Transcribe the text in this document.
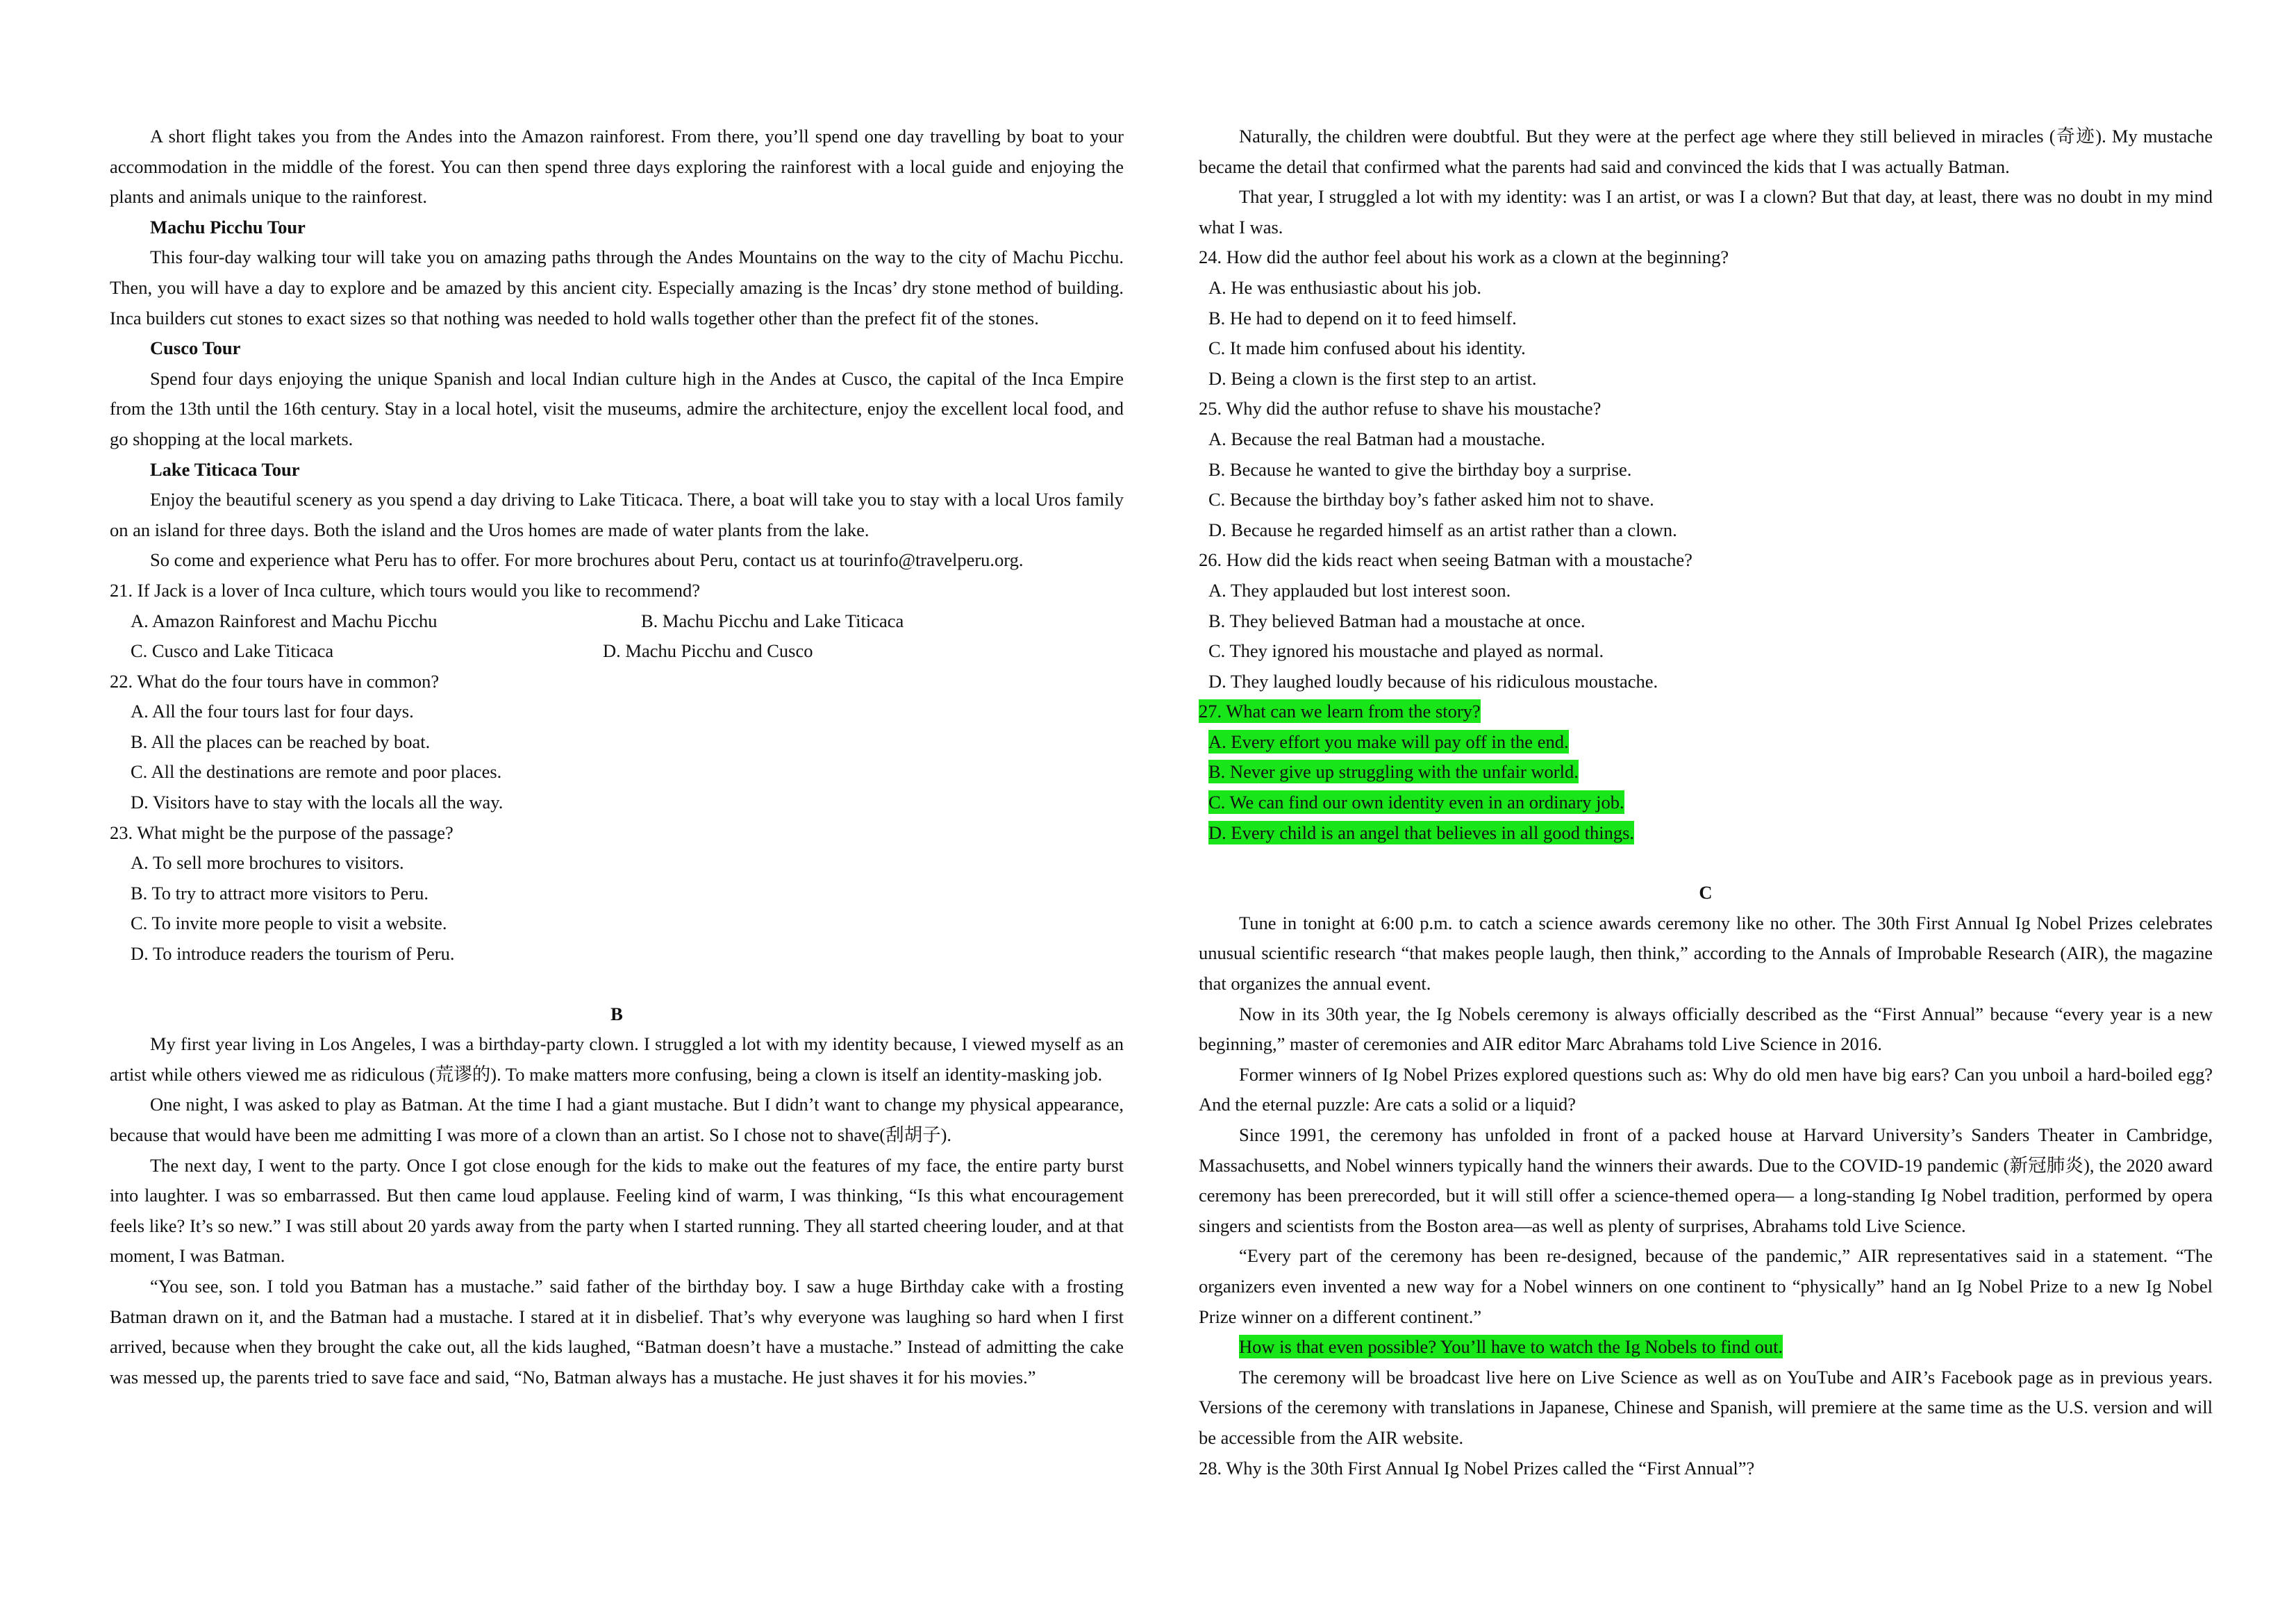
A short flight takes you from the Andes into the Amazon rainforest. From there, you’ll spend one day travelling by boat to your accommodation in the middle of the forest. You can then spend three days exploring the rainforest with a local guide and enjoying the plants and animals unique to the rainforest.

Machu Picchu Tour

This four-day walking tour will take you on amazing paths through the Andes Mountains on the way to the city of Machu Picchu. Then, you will have a day to explore and be amazed by this ancient city. Especially amazing is the Incas’ dry stone method of building. Inca builders cut stones to exact sizes so that nothing was needed to hold walls together other than the prefect fit of the stones.

Cusco Tour

Spend four days enjoying the unique Spanish and local Indian culture high in the Andes at Cusco, the capital of the Inca Empire from the 13th until the 16th century. Stay in a local hotel, visit the museums, admire the architecture, enjoy the excellent local food, and go shopping at the local markets.

Lake Titicaca Tour

Enjoy the beautiful scenery as you spend a day driving to Lake Titicaca. There, a boat will take you to stay with a local Uros family on an island for three days. Both the island and the Uros homes are made of water plants from the lake.

So come and experience what Peru has to offer. For more brochures about Peru, contact us at tourinfo@travelperu.org.

21. If Jack is a lover of Inca culture, which tours would you like to recommend?

A. Amazon Rainforest and Machu Picchu	B. Machu Picchu and Lake Titicaca

C. Cusco and Lake Titicaca	D. Machu Picchu and Cusco

22. What do the four tours have in common?

A. All the four tours last for four days.

B. All the places can be reached by boat.

C. All the destinations are remote and poor places.

D. Visitors have to stay with the locals all the way.

23. What might be the purpose of the passage?

A. To sell more brochures to visitors.

B. To try to attract more visitors to Peru.

C. To invite more people to visit a website.

D. To introduce readers the tourism of Peru.

B

My first year living in Los Angeles, I was a birthday-party clown. I struggled a lot with my identity because, I viewed myself as an artist while others viewed me as ridiculous (荒谬的). To make matters more confusing, being a clown is itself an identity-masking job.

One night, I was asked to play as Batman. At the time I had a giant mustache. But I didn’t want to change my physical appearance, because that would have been me admitting I was more of a clown than an artist. So I chose not to shave(刮胡子).

The next day, I went to the party. Once I got close enough for the kids to make out the features of my face, the entire party burst into laughter. I was so embarrassed. But then came loud applause. Feeling kind of warm, I was thinking, “Is this what encouragement feels like? It’s so new.” I was still about 20 yards away from the party when I started running. They all started cheering louder, and at that moment, I was Batman.

“You see, son. I told you Batman has a mustache.” said father of the birthday boy. I saw a huge Birthday cake with a frosting Batman drawn on it, and the Batman had a mustache. I stared at it in disbelief. That’s why everyone was laughing so hard when I first arrived, because when they brought the cake out, all the kids laughed, “Batman doesn’t have a mustache.” Instead of admitting the cake was messed up, the parents tried to save face and said, “No, Batman always has a mustache. He just shaves it for his movies.”

Naturally, the children were doubtful. But they were at the perfect age where they still believed in miracles (奇迹). My mustache became the detail that confirmed what the parents had said and convinced the kids that I was actually Batman.

That year, I struggled a lot with my identity: was I an artist, or was I a clown? But that day, at least, there was no doubt in my mind what I was.

24. How did the author feel about his work as a clown at the beginning?

A. He was enthusiastic about his job.

B. He had to depend on it to feed himself.

C. It made him confused about his identity.

D. Being a clown is the first step to an artist.

25. Why did the author refuse to shave his moustache?

A. Because the real Batman had a moustache.

B. Because he wanted to give the birthday boy a surprise.

C. Because the birthday boy’s father asked him not to shave.

D. Because he regarded himself as an artist rather than a clown.

26. How did the kids react when seeing Batman with a moustache?

A. They applauded but lost interest soon.

B. They believed Batman had a moustache at once.

C. They ignored his moustache and played as normal.

D. They laughed loudly because of his ridiculous moustache.

27. What can we learn from the story?

A. Every effort you make will pay off in the end.

B. Never give up struggling with the unfair world.

C. We can find our own identity even in an ordinary job.

D. Every child is an angel that believes in all good things.

C

Tune in tonight at 6:00 p.m. to catch a science awards ceremony like no other. The 30th First Annual Ig Nobel Prizes celebrates unusual scientific research “that makes people laugh, then think,” according to the Annals of Improbable Research (AIR), the magazine that organizes the annual event.

Now in its 30th year, the Ig Nobels ceremony is always officially described as the “First Annual” because “every year is a new beginning,” master of ceremonies and AIR editor Marc Abrahams told Live Science in 2016.

Former winners of Ig Nobel Prizes explored questions such as: Why do old men have big ears? Can you unboil a hard-boiled egg? And the eternal puzzle: Are cats a solid or a liquid?

Since 1991, the ceremony has unfolded in front of a packed house at Harvard University’s Sanders Theater in Cambridge, Massachusetts, and Nobel winners typically hand the winners their awards. Due to the COVID-19 pandemic (新冠肺炎), the 2020 award ceremony has been prerecorded, but it will still offer a science-themed opera— a long-standing Ig Nobel tradition, performed by opera singers and scientists from the Boston area—as well as plenty of surprises, Abrahams told Live Science.

“Every part of the ceremony has been re-designed, because of the pandemic,” AIR representatives said in a statement. “The organizers even invented a new way for a Nobel winners on one continent to “physically” hand an Ig Nobel Prize to a new Ig Nobel Prize winner on a different continent.”

How is that even possible? You’ll have to watch the Ig Nobels to find out.

The ceremony will be broadcast live here on Live Science as well as on YouTube and AIR’s Facebook page as in previous years. Versions of the ceremony with translations in Japanese, Chinese and Spanish, will premiere at the same time as the U.S. version and will be accessible from the AIR website.

28. Why is the 30th First Annual Ig Nobel Prizes called the “First Annual”?
